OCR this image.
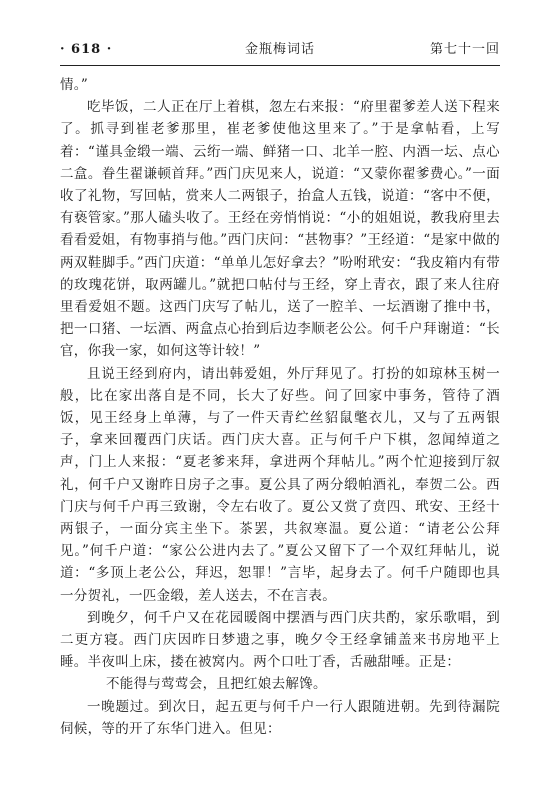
· 618 ·	金瓶梅词话	第七十一回

情。”

吃毕饭，二人正在厅上着棋，忽左右来报：“府里翟爹差人送下程来了。抓寻到崔老爹那里，崔老爹使他这里来了。”于是拿帖看，上写着：“谨具金缎一端、云绗一端、鲜猪一口、北羊一腔、内酒一坛、点心二盒。眷生翟谦顿首拜。”西门庆见来人，说道：“又蒙你翟爹费心。”一面收了礼物，写回帖，赏来人二两银子，抬盒人五钱，说道：“客中不便，有亵管家。”那人磕头收了。王经在旁悄悄说：“小的姐姐说，教我府里去看看爱姐，有物事捎与他。”西门庆问：“甚物事？”王经道：“是家中做的两双鞋脚手。”西门庆道：“单单儿怎好拿去？”吩咐玳安：“我皮箱内有带的玫瑰花饼，取两罐儿。”就把口帖付与王经，穿上青衣，跟了来人往府里看爱姐不题。这西门庆写了帖儿，送了一腔羊、一坛酒谢了推中书，把一口猪、一坛酒、两盒点心抬到后边李顺老公公。何千户拜谢道：“长官，你我一家，如何这等计较！”

且说王经到府内，请出韩爱姐，外厅拜见了。打扮的如琼林玉树一般，比在家出落自是不同，长大了好些。问了回家中事务，管待了酒饭，见王经身上单薄，与了一件天青纻丝貂鼠氅衣儿，又与了五两银子，拿来回覆西门庆话。西门庆大喜。正与何千户下棋，忽闻绰道之声，门上人来报：“夏老爹来拜，拿进两个拜帖儿。”两个忙迎接到厅叙礼，何千户又谢昨日房子之事。夏公具了两分缎帕酒礼，奉贺二公。西门庆与何千户再三致谢，令左右收了。夏公又赏了贲四、玳安、王经十两银子，一面分宾主坐下。茶罢，共叙寒温。夏公道：“请老公公拜见。”何千户道：“家公公进内去了。”夏公又留下了一个双红拜帖儿，说道：“多顶上老公公，拜迟，恕罪！”言毕，起身去了。何千户随即也具一分贺礼，一匹金缎，差人送去，不在言表。

到晚夕，何千户又在花园暖阁中摆酒与西门庆共酌，家乐歌唱，到二更方寝。西门庆因昨日梦遗之事，晚夕令王经拿铺盖来书房地平上睡。半夜叫上床，搂在被窝内。两个口吐丁香，舌融甜唾。正是：

不能得与莺莺会，且把红娘去解馋。

一晚题过。到次日，起五更与何千户一行人跟随进朝。先到待漏院伺候，等的开了东华门进入。但见：
